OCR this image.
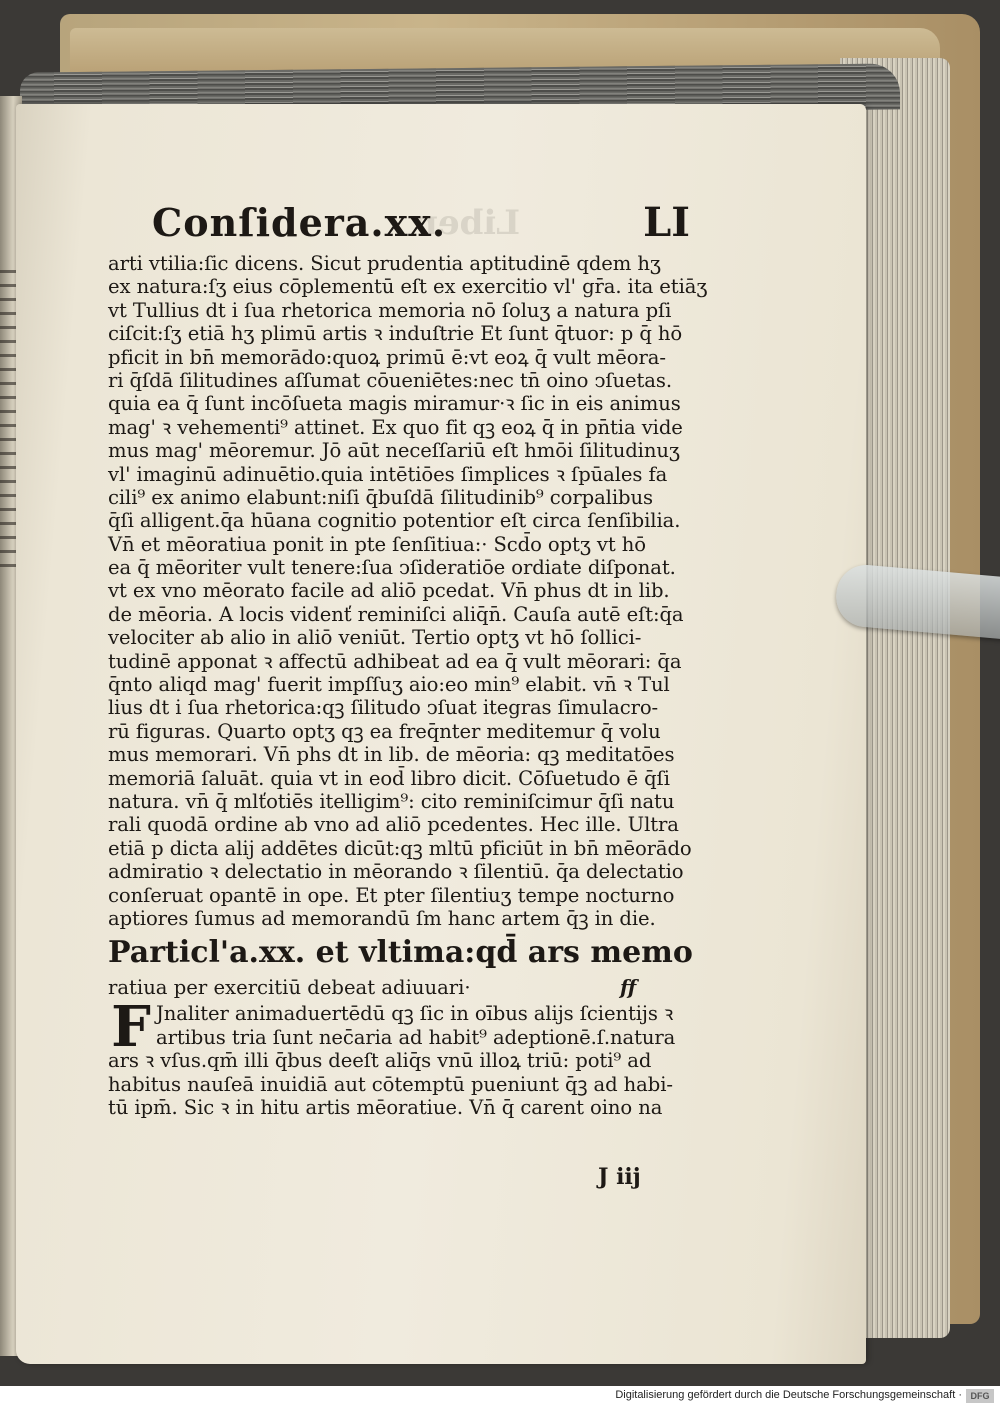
Conſidera.xx.
Liber	LI
arti vtilia:ſic dicens. Sicut prudentia aptitudinē qdem hʒ
ex natura:ſʒ eius cōplementū eſt ex exercitio vl' gr̄a. ita etiāʒ
vt Tullius dt i ſua rhetorica memoria nō ſoluʒ a natura pſi
ciſcit:ſʒ etiā hʒ plimū artis ꝛ induſtrie Et ſunt q̄tuor: p q̄ hō
pficit in bn̄ memorādo:quoꝝ primū ē:vt eoꝝ q̄ vult mēora-
ri q̄ſdā ſilitudines aſſumat cōueniētes:nec tn̄ oino ↄſuetas.
quia ea q̄ ſunt incōſueta magis miramur·ꝛ ſic in eis animus
mag' ꝛ vehementi⁹ attinet. Ex quo fit qꝫ eoꝝ q̄ in pn̄tia vide
mus mag' mēoremur. Jō aūt neceſſariū eſt hmōi ſilitudinuʒ
vl' imaginū adinuētio.quia intētiōes ſimplices ꝛ ſpūales fa
cili⁹ ex animo elabunt:niſi q̄buſdā ſilitudinib⁹ corpalibus
q̄ſi alligent.q̄a hūana cognitio potentior eſt circa ſenſibilia.
Vn̄ et mēoratiua ponit in pte ſenſitiua:· Scd̄o optʒ vt hō
ea q̄ mēoriter vult tenere:ſua ↄſideratiōe ordiate diſponat.
vt ex vno mēorato facile ad aliō pcedat. Vn̄ phus dt in lib.
de mēoria. A locis videnť reminiſci aliq̄n̄. Cauſa autē eſt:q̄a
velociter ab alio in aliō veniūt. Tertio optʒ vt hō ſollici-
tudinē apponat ꝛ affectū adhibeat ad ea q̄ vult mēorari: q̄a
q̄nto aliqd mag' fuerit impſſuʒ aio:eo min⁹ elabit. vn̄ ꝛ Tul
lius dt i ſua rhetorica:qꝫ ſilitudo ↄſuat itegras ſimulacro-
rū figuras. Quarto optʒ qꝫ ea freq̄nter meditemur q̄ volu
mus memorari. Vn̄ phs dt in lib. de mēoria: qꝫ meditatōes
memoriā ſaluāt. quia vt in eod̄ libro dicit. Cōſuetudo ē q̄ſi
natura. vn̄ q̄ mlťotiēs itelligim⁹: cito reminiſcimur q̄ſi natu
rali quodā ordine ab vno ad aliō pcedentes. Hec ille. Ultra
etiā p dicta alij addētes dicūt:qꝫ mltū pficiūt in bn̄ mēorādo
admiratio ꝛ delectatio in mēorando ꝛ ſilentiū. q̄a delectatio
conſeruat opantē in ope. Et pter ſilentiuʒ tempe nocturno
aptiores ſumus ad memorandū ſm hanc artem q̄ꝫ in die.
Particl'a.xx. et vltima:qd̄ ars memo
ratiua per exercitiū debeat adiuuari·	ff
F Jnaliter animaduertēdū qꝫ ſic in oībus alijs ſcientijs ꝛ
artibus tria ſunt nec̄aria ad habit⁹ adeptionē.ſ.natura
ars ꝛ vſus.qm̄ illi q̄bus deeſt aliq̄s vnū illoꝝ triū: poti⁹ ad
habitus nauſeā inuidiā aut cōtemptū pueniunt q̄ꝫ ad habi-
tū ipm̄. Sic ꝛ in hitu artis mēoratiue. Vn̄ q̄ carent oino na
J iij
Digitalisierung gefördert durch die Deutsche Forschungsgemeinschaft · DFG
